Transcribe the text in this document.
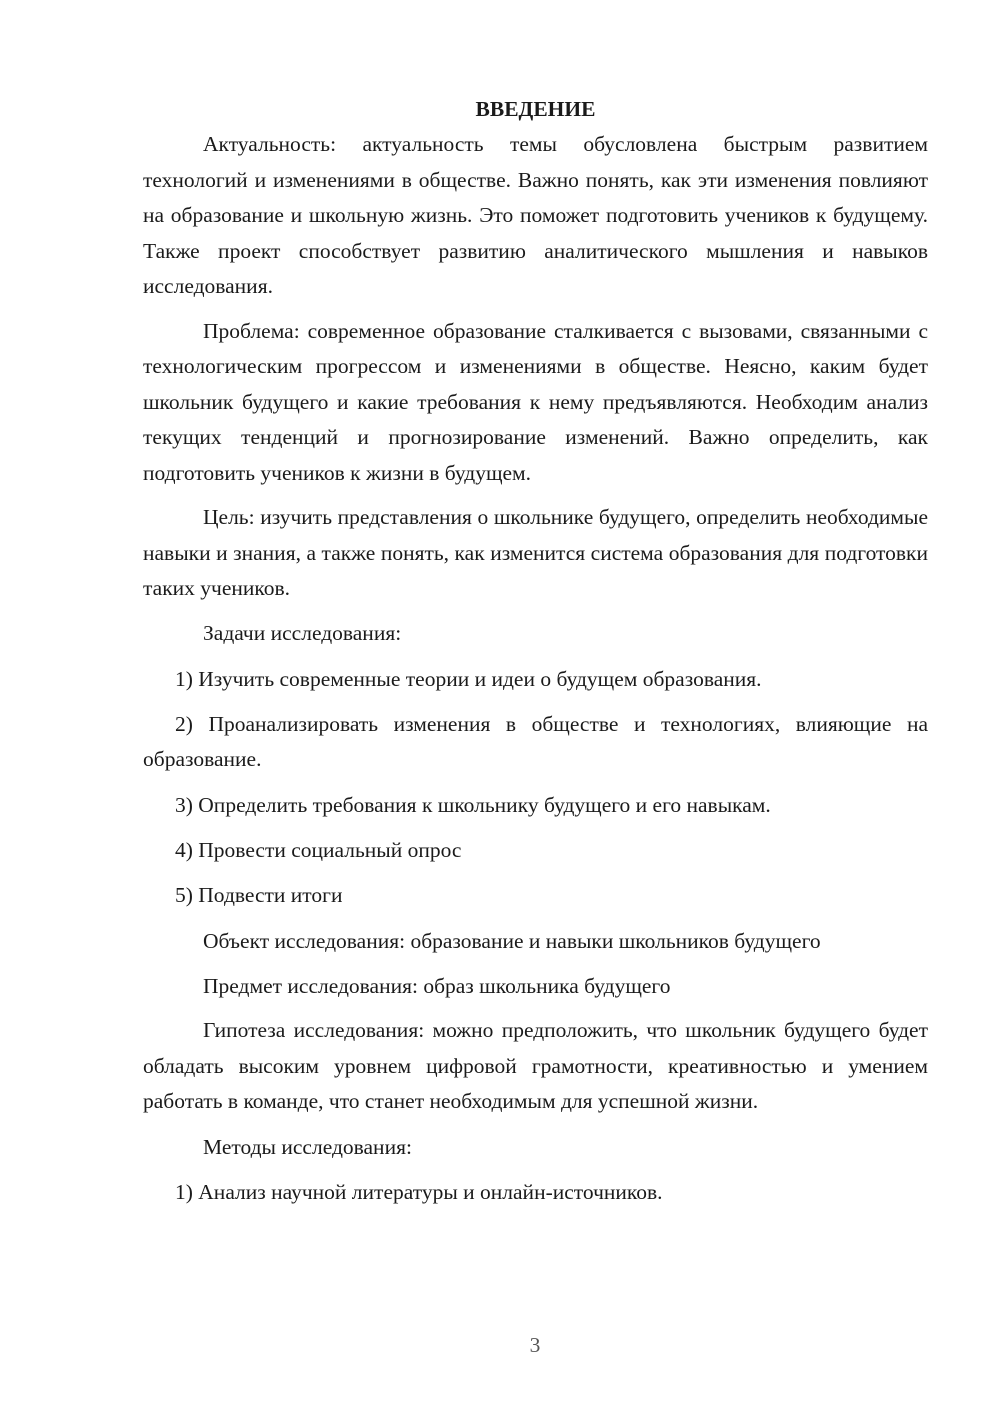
ВВЕДЕНИЕ

Актуальность: актуальность темы обусловлена быстрым развитием технологий и изменениями в обществе. Важно понять, как эти изменения повлияют на образование и школьную жизнь. Это поможет подготовить учеников к будущему. Также проект способствует развитию аналитического мышления и навыков исследования.

Проблема: современное образование сталкивается с вызовами, связанными с технологическим прогрессом и изменениями в обществе. Неясно, каким будет школьник будущего и какие требования к нему предъявляются. Необходим анализ текущих тенденций и прогнозирование изменений. Важно определить, как подготовить учеников к жизни в будущем.

Цель: изучить представления о школьнике будущего, определить необходимые навыки и знания, а также понять, как изменится система образования для подготовки таких учеников.

Задачи исследования:

1) Изучить современные теории и идеи о будущем образования.

2) Проанализировать изменения в обществе и технологиях, влияющие на образование.

3) Определить требования к школьнику будущего и его навыкам.

4) Провести социальный опрос

5) Подвести итоги

Объект исследования: образование и навыки школьников будущего

Предмет исследования: образ школьника будущего

Гипотеза исследования: можно предположить, что школьник будущего будет обладать высоким уровнем цифровой грамотности, креативностью и умением работать в команде, что станет необходимым для успешной жизни.

Методы исследования:

1) Анализ научной литературы и онлайн-источников.

3
